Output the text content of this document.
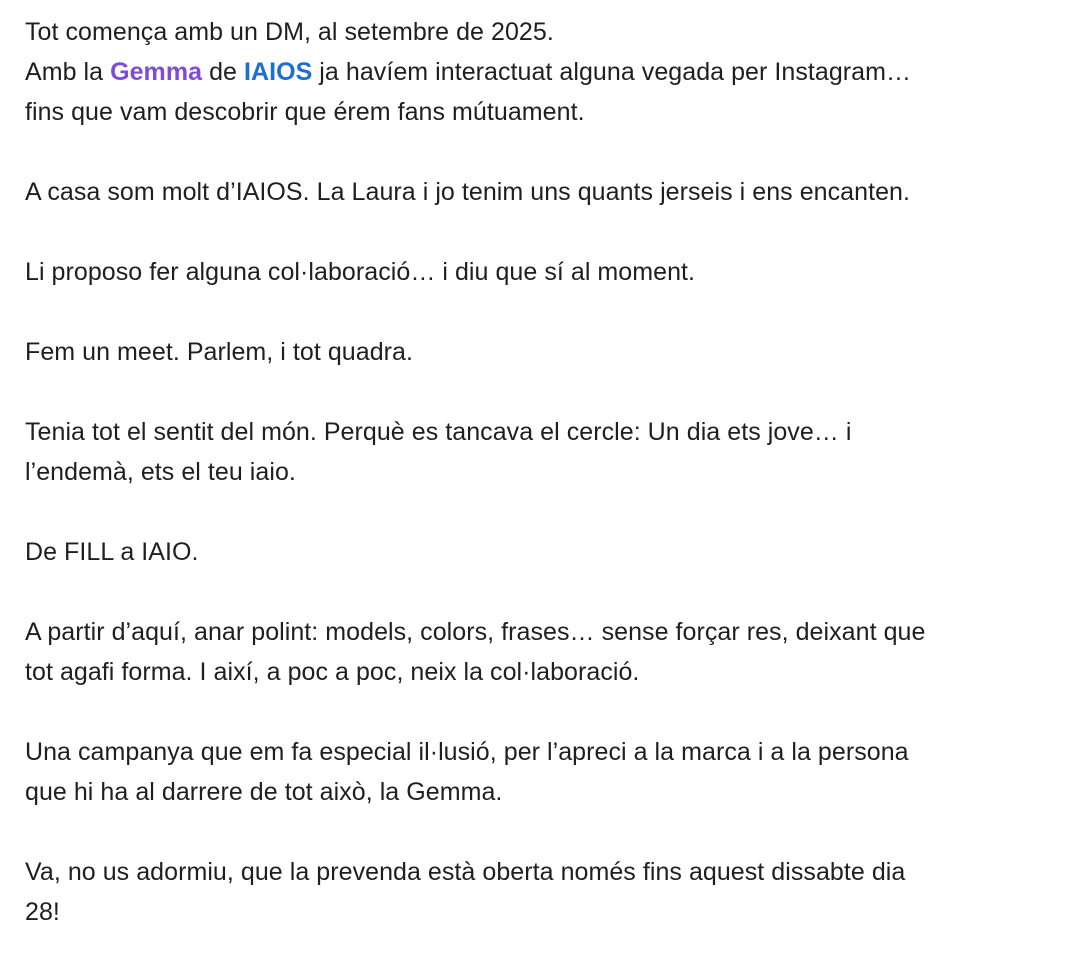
Tot comença amb un DM, al setembre de 2025.

Amb la Gemma de IAIOS ja havíem interactuat alguna vegada per Instagram…

fins que vam descobrir que érem fans mútuament.

A casa som molt d’IAIOS. La Laura i jo tenim uns quants jerseis i ens encanten.

Li proposo fer alguna col·laboració… i diu que sí al moment.

Fem un meet. Parlem, i tot quadra.

Tenia tot el sentit del món. Perquè es tancava el cercle: Un dia ets jove… i

l’endemà, ets el teu iaio.

De FILL a IAIO.

A partir d’aquí, anar polint: models, colors, frases… sense forçar res, deixant que

tot agafi forma. I així, a poc a poc, neix la col·laboració.

Una campanya que em fa especial il·lusió, per l’apreci a la marca i a la persona

que hi ha al darrere de tot això, la Gemma.

Va, no us adormiu, que la prevenda està oberta només fins aquest dissabte dia

28!
